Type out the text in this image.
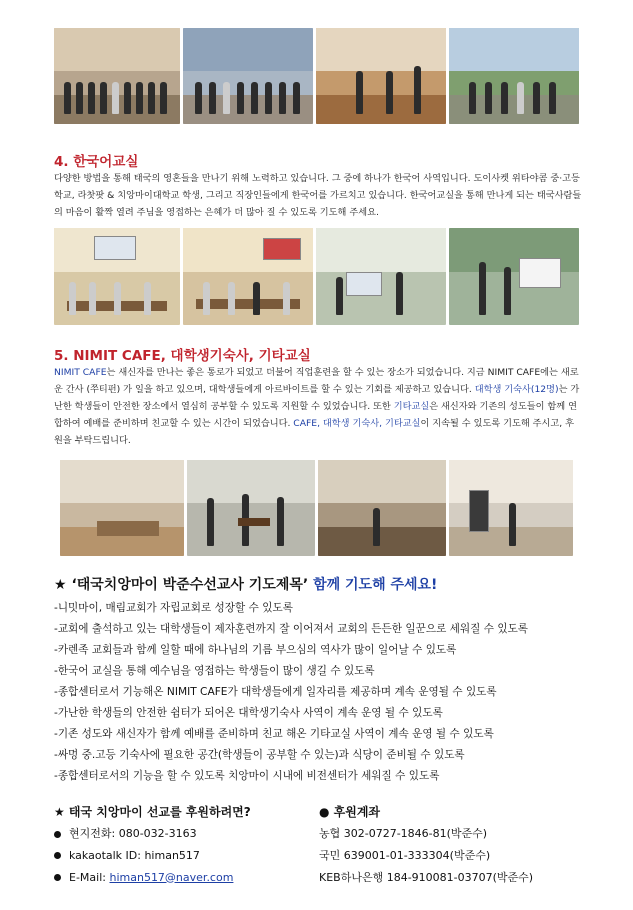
4. 한국어교실

다양한 방법을 통해 태국의 영혼들을 만나기 위해 노력하고 있습니다. 그 중에 하나가 한국어 사역입니다. 도이사켓 위타야콤 중·고등학교, 라찻팟 & 치앙마이대학교 학생, 그리고 직장인들에게 한국어를 가르치고 있습니다. 한국어교실을 통해 만나게 되는 태국사람들의 마음이 활짝 열려 주님을 영접하는 은혜가 더 많아 질 수 있도록 기도해 주세요.

5. NIMIT CAFE, 대학생기숙사, 기타교실

NIMIT CAFE는 새신자를 만나는 좋은 통로가 되었고 더불어 직업훈련을 할 수 있는 장소가 되었습니다. 지금 NIMIT CAFE에는 새로운 간사 (쭈티펀) 가 일을 하고 있으며, 대학생들에게 아르바이트를 할 수 있는 기회를 제공하고 있습니다. 대학생 기숙사(12명)는 가난한 학생들이 안전한 장소에서 열심히 공부할 수 있도록 지원할 수 있었습니다. 또한 기타교실은 새신자와 기존의 성도들이 함께 연합하여 예배를 준비하며 친교할 수 있는 시간이 되었습니다. CAFE, 대학생 기숙사, 기타교실이 지속될 수 있도록 기도해 주시고, 후원을 부탁드립니다.

★ ‘태국치앙마이 박준수선교사 기도제목’ 함께 기도해 주세요!
-니밋마이, 매림교회가 자립교회로 성장할 수 있도록
-교회에 출석하고 있는 대학생들이 제자훈련까지 잘 이어져서 교회의 든든한 일꾼으로 세워질 수 있도록
-카렌족 교회들과 함께 일할 때에 하나님의 기름 부으심의 역사가 많이 일어날 수 있도록
-한국어 교실을 통해 예수님을 영접하는 학생들이 많이 생길 수 있도록
-종합센터로서 기능해온 NIMIT CAFE가 대학생들에게 일자리를 제공하며 계속 운영될 수 있도록
-가난한 학생들의 안전한 쉼터가 되어온 대학생기숙사 사역이 계속 운영 될 수 있도록
-기존 성도와 새신자가 함께 예배를 준비하며 친교 해온 기타교실 사역이 계속 운영 될 수 있도록
-싸멍 중.고등 기숙사에 필요한 공간(학생들이 공부할 수 있는)과 식당이 준비될 수 있도록
-종합센터로서의 기능을 할 수 있도록 치앙마이 시내에 비전센터가 세워질 수 있도록
★ 태국 치앙마이 선교를 후원하려면?	● 후원계좌
현지전화: 080-032-3163	농협 302-0727-1846-81(박준수)
kakaotalk ID: himan517	국민 639001-01-333304(박준수)
E-Mail: himan517@naver.com	KEB하나은행 184-910081-03707(박준수)
